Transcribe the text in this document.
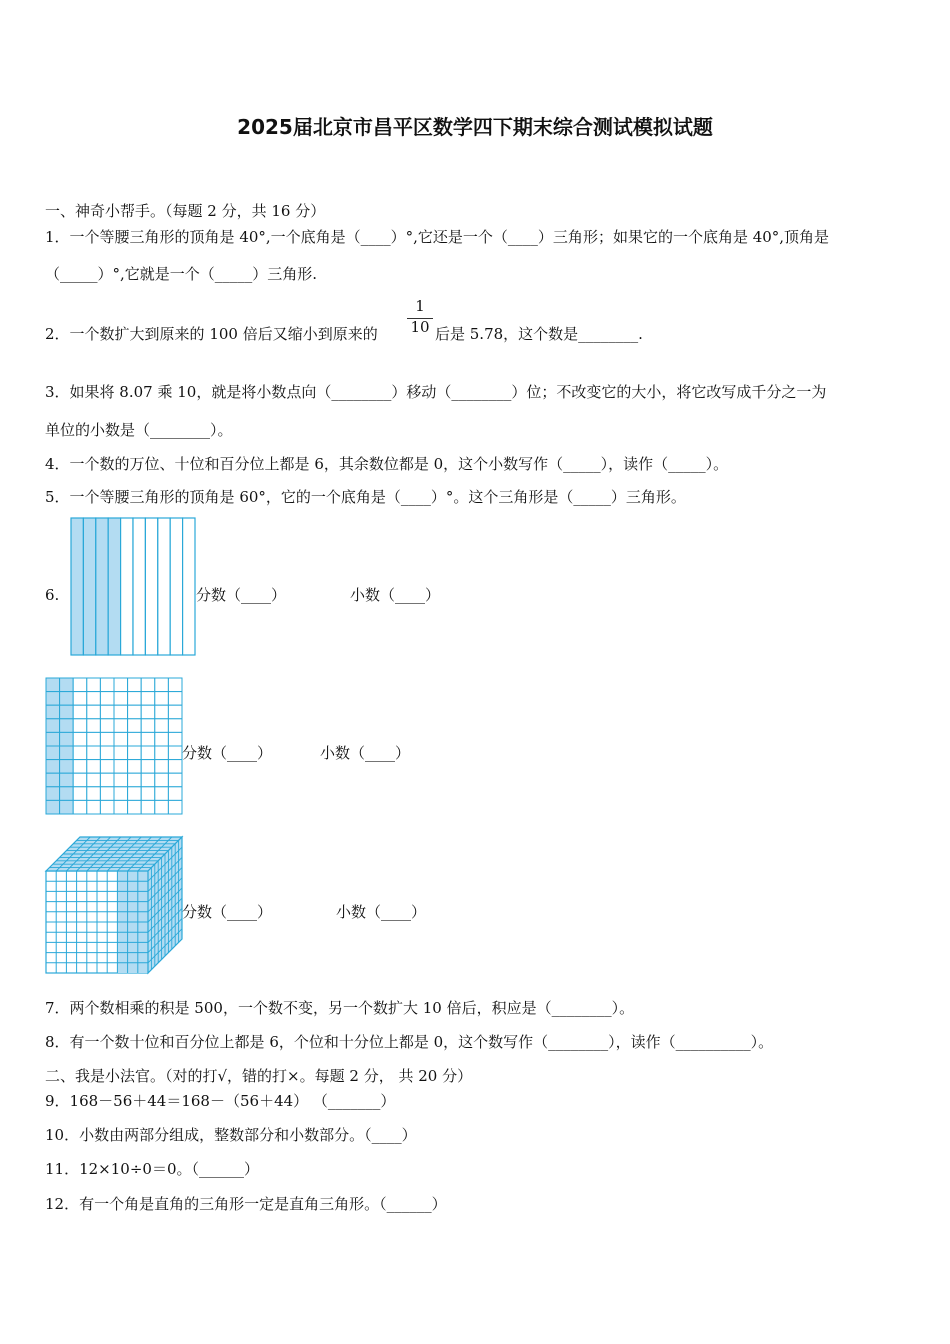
2025届北京市昌平区数学四下期末综合测试模拟试题
一、神奇小帮手。（每题 2 分，共 16 分）
1．一个等腰三角形的顶角是 40°,一个底角是（____）°,它还是一个（____）三角形；如果它的一个底角是 40°,顶角是
（_____）°,它就是一个（_____）三角形.
2．一个数扩大到原来的 100 倍后又缩小到原来的 $\frac{1}{10}$ 后是 5.78，这个数是________.
3．如果将 8.07 乘 10，就是将小数点向（________）移动（________）位；不改变它的大小，将它改写成千分之一为
单位的小数是（________）。
4．一个数的万位、十位和百分位上都是 6，其余数位都是 0，这个小数写作（_____），读作（_____）。
5．一个等腰三角形的顶角是 60°，它的一个底角是（____）°。这个三角形是（_____）三角形。
6.	分数（____）	小数（____）
分数（____）	小数（____）
分数（____）	小数（____）
7．两个数相乘的积是 500，一个数不变，另一个数扩大 10 倍后，积应是（________）。
8．有一个数十位和百分位上都是 6，个位和十分位上都是 0，这个数写作（________），读作（__________）。
二、我是小法官。（对的打√，错的打×。每题 2 分， 共 20 分）
9．168－56＋44＝168－（56＋44） （_______）
10．小数由两部分组成，整数部分和小数部分。（____）
11．12×10÷0＝0。（______）
12．有一个角是直角的三角形一定是直角三角形。（______）
